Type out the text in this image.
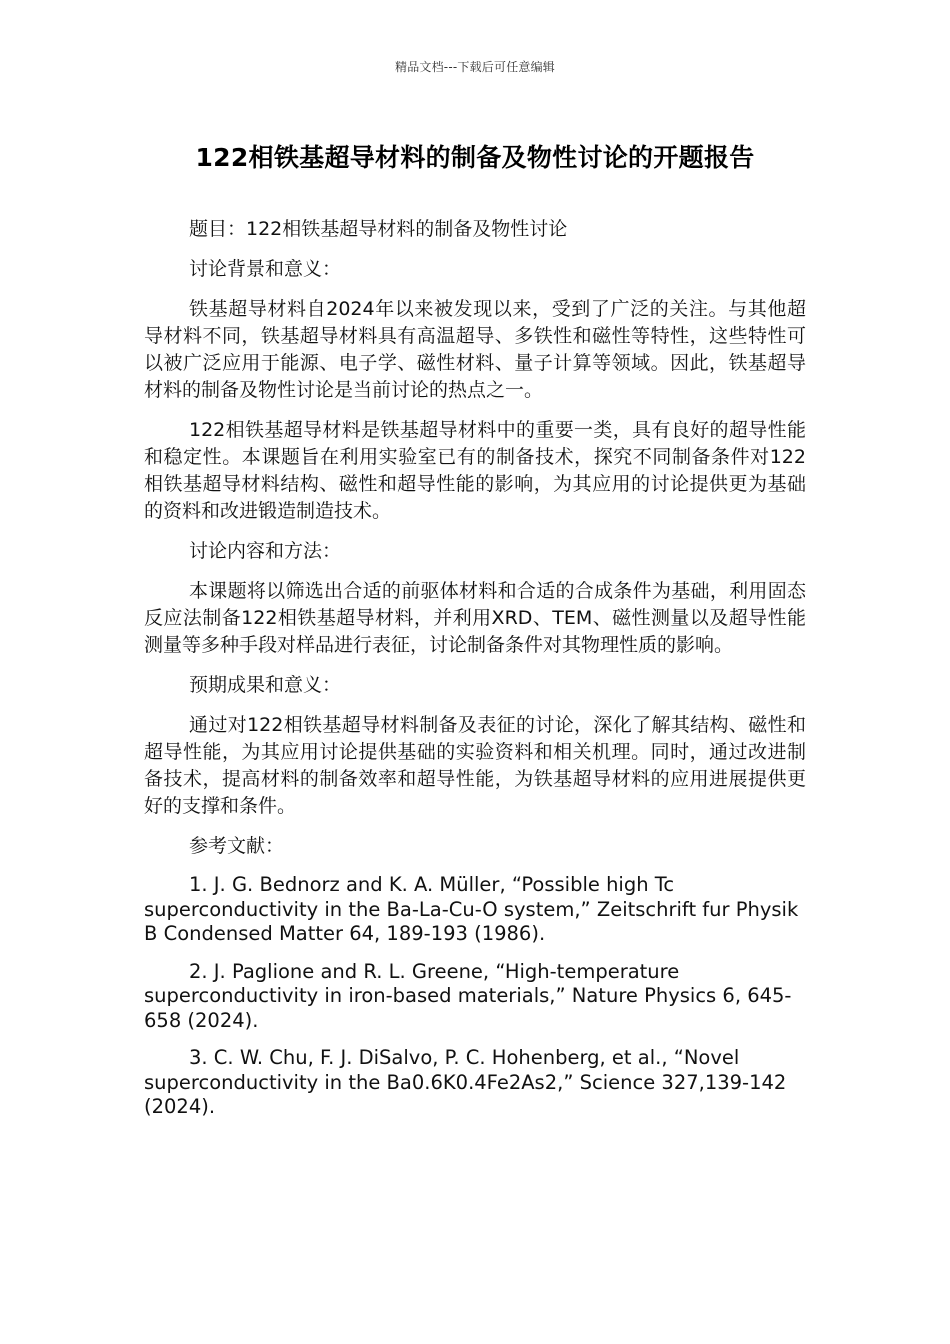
精品文档---下载后可任意编辑
122相铁基超导材料的制备及物性讨论的开题报告

题目：122相铁基超导材料的制备及物性讨论

讨论背景和意义：

铁基超导材料自2024年以来被发现以来，受到了广泛的关注。与其他超导材料不同，铁基超导材料具有高温超导、多铁性和磁性等特性，这些特性可以被广泛应用于能源、电子学、磁性材料、量子计算等领域。因此，铁基超导材料的制备及物性讨论是当前讨论的热点之一。

122相铁基超导材料是铁基超导材料中的重要一类，具有良好的超导性能和稳定性。本课题旨在利用实验室已有的制备技术，探究不同制备条件对122相铁基超导材料结构、磁性和超导性能的影响，为其应用的讨论提供更为基础的资料和改进锻造制造技术。

讨论内容和方法：

本课题将以筛选出合适的前驱体材料和合适的合成条件为基础，利用固态反应法制备122相铁基超导材料，并利用XRD、TEM、磁性测量以及超导性能测量等多种手段对样品进行表征，讨论制备条件对其物理性质的影响。

预期成果和意义：

通过对122相铁基超导材料制备及表征的讨论，深化了解其结构、磁性和超导性能，为其应用讨论提供基础的实验资料和相关机理。同时，通过改进制备技术，提高材料的制备效率和超导性能，为铁基超导材料的应用进展提供更好的支撑和条件。

参考文献：

1. J. G. Bednorz and K. A. Müller, “Possible high Tc superconductivity in the Ba-La-Cu-O system,” Zeitschrift fur Physik B Condensed Matter 64, 189-193 (1986).

2. J. Paglione and R. L. Greene, “High-temperature superconductivity in iron-based materials,” Nature Physics 6, 645-658 (2024).

3. C. W. Chu, F. J. DiSalvo, P. C. Hohenberg, et al., “Novel superconductivity in the Ba0.6K0.4Fe2As2,” Science 327,139-142 (2024).
